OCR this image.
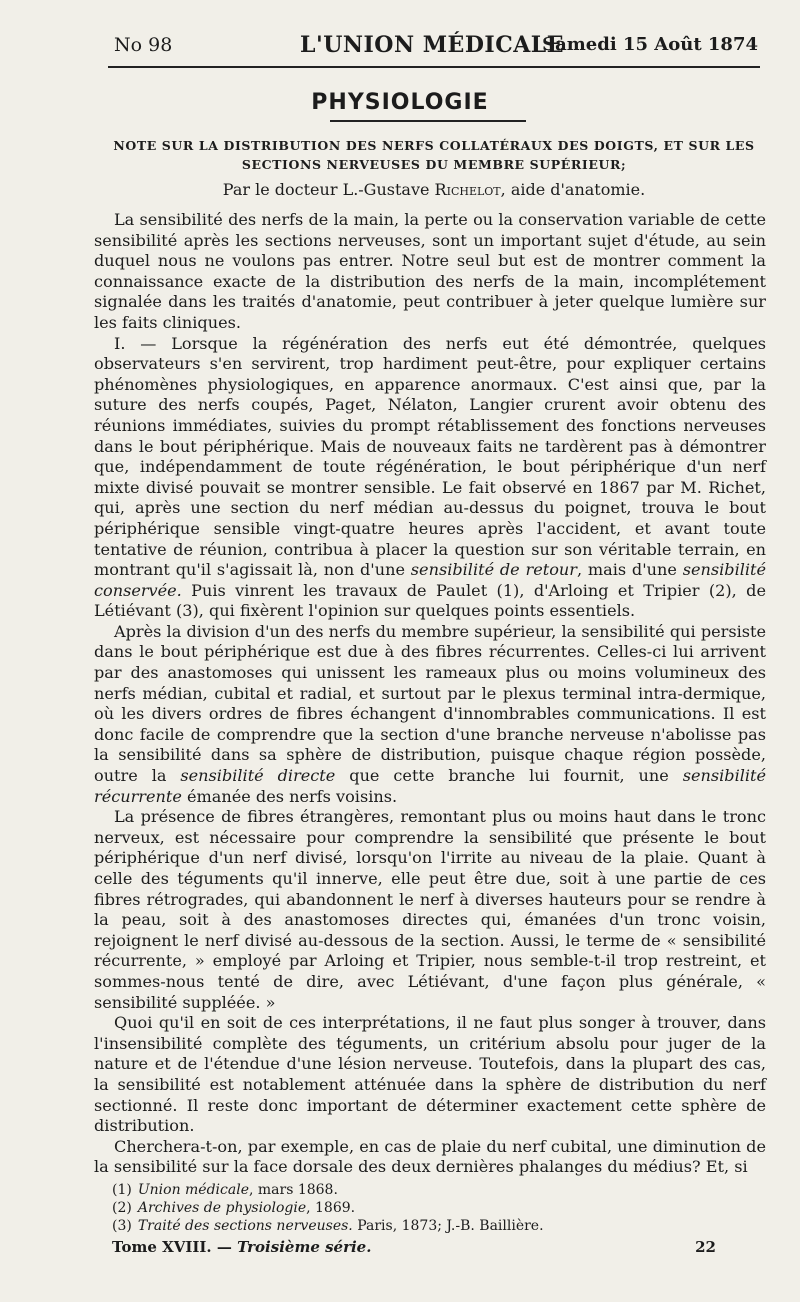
No 98	L'UNION MÉDICALE
Samedi 15 Août 1874
PHYSIOLOGIE
NOTE SUR LA DISTRIBUTION DES NERFS COLLATÉRAUX DES DOIGTS, ET SUR LES SECTIONS NERVEUSES DU MEMBRE SUPÉRIEUR;
Par le docteur L.-Gustave Richelot, aide d'anatomie.

La sensibilité des nerfs de la main, la perte ou la conservation variable de cette sensibilité après les sections nerveuses, sont un important sujet d'étude, au sein duquel nous ne voulons pas entrer. Notre seul but est de montrer comment la connaissance exacte de la distribution des nerfs de la main, incomplétement signalée dans les traités d'anatomie, peut contribuer à jeter quelque lumière sur les faits cliniques.

I. — Lorsque la régénération des nerfs eut été démontrée, quelques observateurs s'en servirent, trop hardiment peut-être, pour expliquer certains phénomènes physiologiques, en apparence anormaux. C'est ainsi que, par la suture des nerfs coupés, Paget, Nélaton, Langier crurent avoir obtenu des réunions immédiates, suivies du prompt rétablissement des fonctions nerveuses dans le bout périphérique. Mais de nouveaux faits ne tardèrent pas à démontrer que, indépendamment de toute régénération, le bout périphérique d'un nerf mixte divisé pouvait se montrer sensible. Le fait observé en 1867 par M. Richet, qui, après une section du nerf médian au-dessus du poignet, trouva le bout périphérique sensible vingt-quatre heures après l'accident, et avant toute tentative de réunion, contribua à placer la question sur son véritable terrain, en montrant qu'il s'agissait là, non d'une sensibilité de retour, mais d'une sensibilité conservée. Puis vinrent les travaux de Paulet (1), d'Arloing et Tripier (2), de Létiévant (3), qui fixèrent l'opinion sur quelques points essentiels.

Après la division d'un des nerfs du membre supérieur, la sensibilité qui persiste dans le bout périphérique est due à des fibres récurrentes. Celles-ci lui arrivent par des anastomoses qui unissent les rameaux plus ou moins volumineux des nerfs médian, cubital et radial, et surtout par le plexus terminal intra-dermique, où les divers ordres de fibres échangent d'innombrables communications. Il est donc facile de comprendre que la section d'une branche nerveuse n'abolisse pas la sensibilité dans sa sphère de distribution, puisque chaque région possède, outre la sensibilité directe que cette branche lui fournit, une sensibilité récurrente émanée des nerfs voisins.

La présence de fibres étrangères, remontant plus ou moins haut dans le tronc nerveux, est nécessaire pour comprendre la sensibilité que présente le bout périphérique d'un nerf divisé, lorsqu'on l'irrite au niveau de la plaie. Quant à celle des téguments qu'il innerve, elle peut être due, soit à une partie de ces fibres rétrogrades, qui abandonnent le nerf à diverses hauteurs pour se rendre à la peau, soit à des anastomoses directes qui, émanées d'un tronc voisin, rejoignent le nerf divisé au-dessous de la section. Aussi, le terme de « sensibilité récurrente, » employé par Arloing et Tripier, nous semble-t-il trop restreint, et sommes-nous tenté de dire, avec Létiévant, d'une façon plus générale, « sensibilité suppléée. »

Quoi qu'il en soit de ces interprétations, il ne faut plus songer à trouver, dans l'insensibilité complète des téguments, un critérium absolu pour juger de la nature et de l'étendue d'une lésion nerveuse. Toutefois, dans la plupart des cas, la sensibilité est notablement atténuée dans la sphère de distribution du nerf sectionné. Il reste donc important de déterminer exactement cette sphère de distribution.

Cherchera-t-on, par exemple, en cas de plaie du nerf cubital, une diminution de la sensibilité sur la face dorsale des deux dernières phalanges du médius? Et, si

(1) Union médicale, mars 1868.
(2) Archives de physiologie, 1869.
(3) Traité des sections nerveuses. Paris, 1873; J.-B. Baillière.
Tome XVIII. — Troisième série.	22
